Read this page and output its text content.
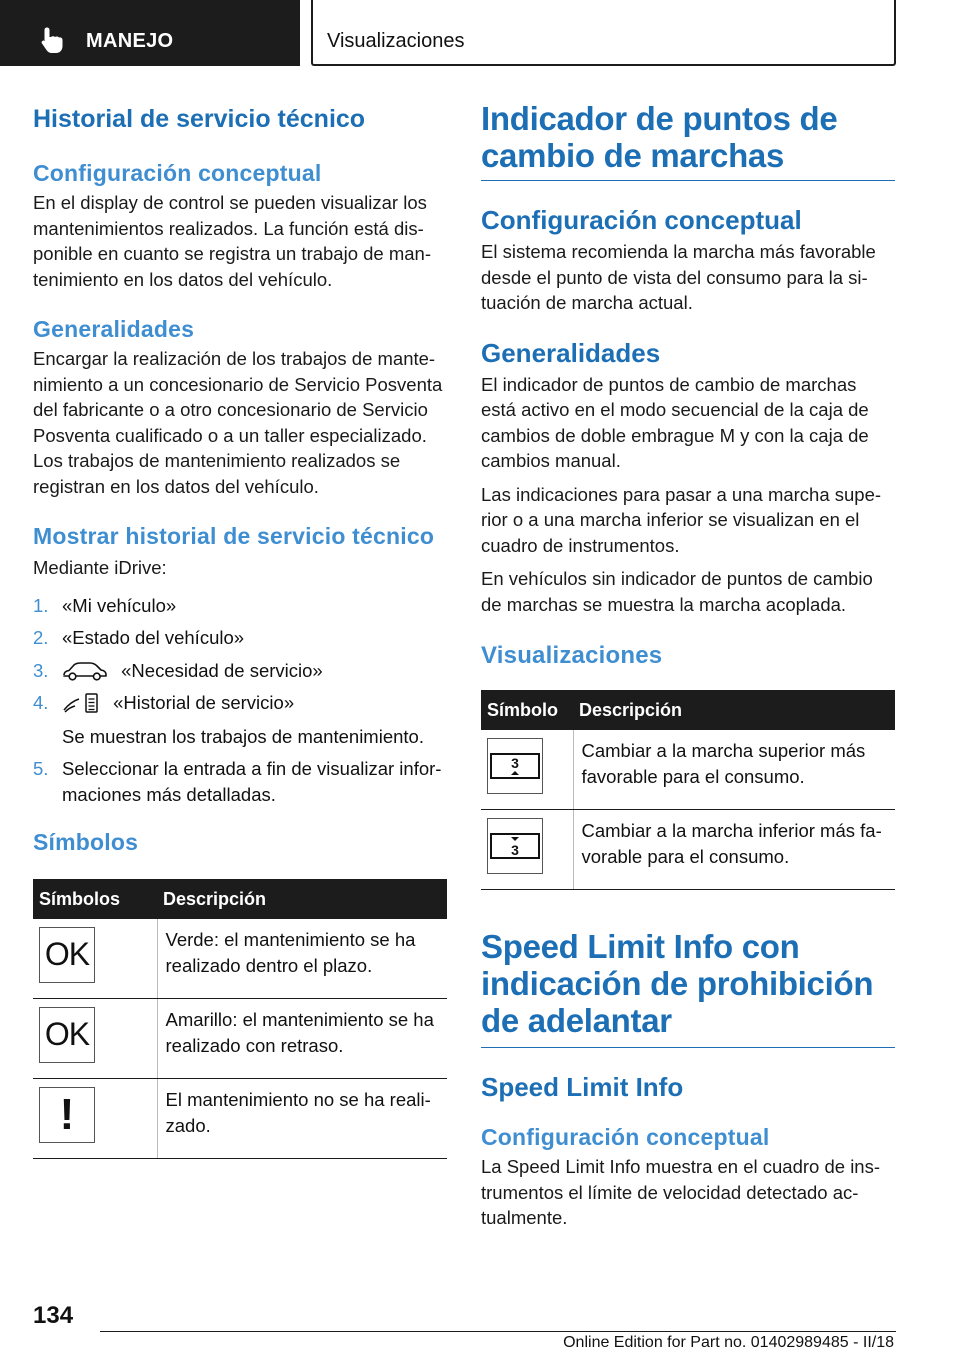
MANEJO	Visualizaciones
Historial de servicio técnico
Configuración conceptual

En el display de control se pueden visualizar los mantenimientos realizados. La función está disponible en cuanto se registra un trabajo de mantenimiento en los datos del vehículo.

Generalidades

Encargar la realización de los trabajos de mantenimiento a un concesionario de Servicio Posventa del fabricante o a otro concesionario de Servicio Posventa cualificado o a un taller especializado. Los trabajos de mantenimiento realizados se registran en los datos del vehículo.

Mostrar historial de servicio técnico

Mediante iDrive:

1. «Mi vehículo»
2. «Estado del vehículo»
3.	«Necesidad de servicio»
4.	«Historial de servicio»
Se muestran los trabajos de mantenimiento.
5. Seleccionar la entrada a fin de visualizar informaciones más detalladas.
Símbolos
Símbolos	Descripción

OK	Verde: el mantenimiento se ha realizado dentro el plazo.

OK	Amarillo: el mantenimiento se ha realizado con retraso.

!	El mantenimiento no se ha realizado.
Indicador de puntos de cambio de marchas
Configuración conceptual

El sistema recomienda la marcha más favorable desde el punto de vista del consumo para la situación de marcha actual.

Generalidades

El indicador de puntos de cambio de marchas está activo en el modo secuencial de la caja de cambios de doble embrague M y con la caja de cambios manual.

Las indicaciones para pasar a una marcha superior o a una marcha inferior se visualizan en el cuadro de instrumentos.

En vehículos sin indicador de puntos de cambio de marchas se muestra la marcha acoplada.

Visualizaciones
Símbolo	Descripción

3	Cambiar a la marcha superior más favorable para el consumo.

3	Cambiar a la marcha inferior más favorable para el consumo.
Speed Limit Info con indicación de prohibición de adelantar
Speed Limit Info
Configuración conceptual

La Speed Limit Info muestra en el cuadro de instrumentos el límite de velocidad detectado actualmente.

134
Online Edition for Part no. 01402989485 - II/18
